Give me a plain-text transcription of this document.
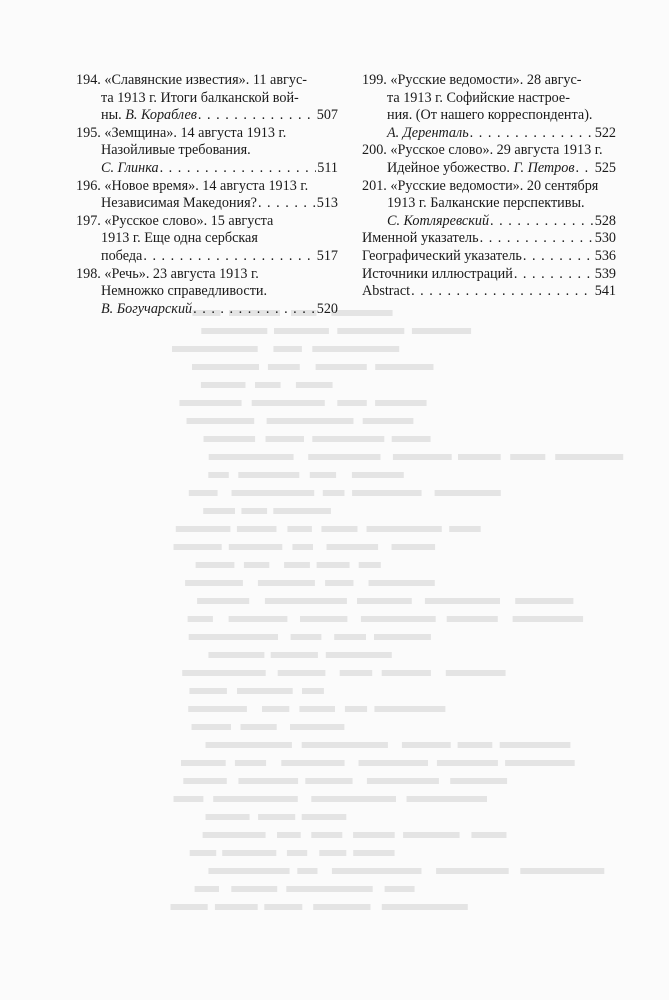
194. «Славянские известия». 11 авгус-
та 1913 г. Итоги балканской вой-
ны. В. Кораблев . . .	507
195. «Земщина». 14 августа 1913 г.
Назойливые требования.
С. Глинка . . .	511
196. «Новое время». 14 августа 1913 г.
Независимая Македония? . . .	513
197. «Русское слово». 15 августа
1913 г. Еще одна сербская
победа . . .	517
198. «Речь». 23 августа 1913 г.
Немножко справедливости.
В. Богучарский . . .	520
199. «Русские ведомости». 28 авгус-
та 1913 г. Софийские настрое-
ния. (От нашего корреспондента).
А. Деренталь . . .	522
200. «Русское слово». 29 августа 1913 г.
Идейное убожество. Г. Петров . . . 525
201. «Русские ведомости». 20 сентября
1913 г. Балканские перспективы.
С. Котляревский . . .	528
Именной указатель . . .	530
Географический указатель . . .	536
Источники иллюстраций . . .	539
Abstract . . .	541
